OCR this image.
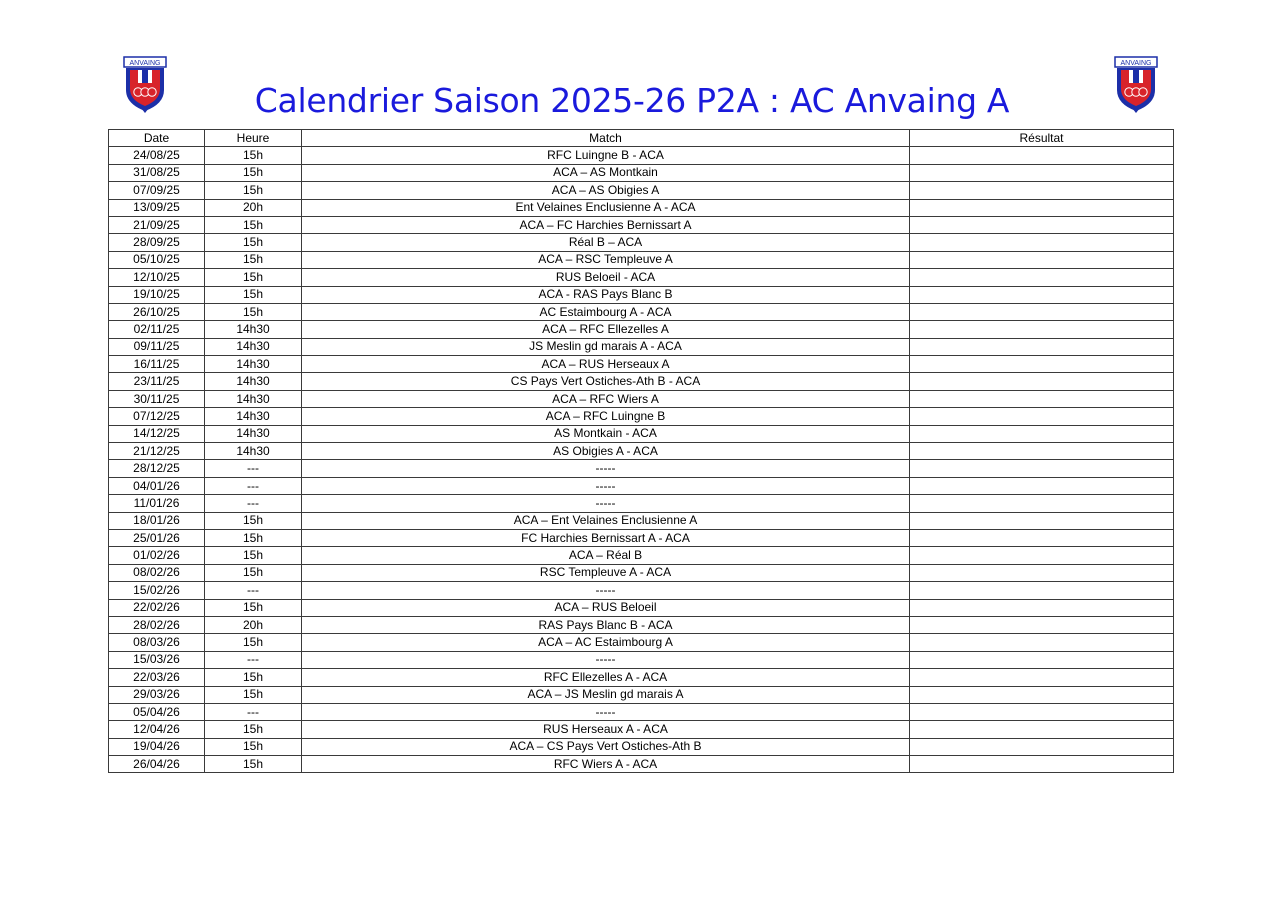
ANVAING	ANVAING
Calendrier Saison 2025-26 P2A : AC Anvaing A
Date	Heure	Match	Résultat
24/08/25	15h	RFC Luingne B - ACA	
31/08/25	15h	ACA – AS Montkain	
07/09/25	15h	ACA – AS Obigies A	
13/09/25	20h	Ent Velaines Enclusienne A - ACA	
21/09/25	15h	ACA – FC Harchies Bernissart A	
28/09/25	15h	Réal B – ACA	
05/10/25	15h	ACA – RSC Templeuve A	
12/10/25	15h	RUS Beloeil - ACA	
19/10/25	15h	ACA - RAS Pays Blanc B	
26/10/25	15h	AC Estaimbourg A - ACA	
02/11/25	14h30	ACA – RFC Ellezelles A	
09/11/25	14h30	JS Meslin gd marais A - ACA	
16/11/25	14h30	ACA – RUS Herseaux A	
23/11/25	14h30	CS Pays Vert Ostiches-Ath B - ACA	
30/11/25	14h30	ACA – RFC Wiers A	
07/12/25	14h30	ACA – RFC Luingne B	
14/12/25	14h30	AS Montkain - ACA	
21/12/25	14h30	AS Obigies A - ACA	
28/12/25	---	-----	
04/01/26	---	-----	
11/01/26	---	-----	
18/01/26	15h	ACA – Ent Velaines Enclusienne A	
25/01/26	15h	FC Harchies Bernissart A - ACA	
01/02/26	15h	ACA – Réal B	
08/02/26	15h	RSC Templeuve A - ACA	
15/02/26	---	-----	
22/02/26	15h	ACA – RUS Beloeil	
28/02/26	20h	RAS Pays Blanc B - ACA	
08/03/26	15h	ACA – AC Estaimbourg A	
15/03/26	---	-----	
22/03/26	15h	RFC Ellezelles A - ACA	
29/03/26	15h	ACA – JS Meslin gd marais A	
05/04/26	---	-----	
12/04/26	15h	RUS Herseaux A - ACA	
19/04/26	15h	ACA – CS Pays Vert Ostiches-Ath B	
26/04/26	15h	RFC Wiers A - ACA	
